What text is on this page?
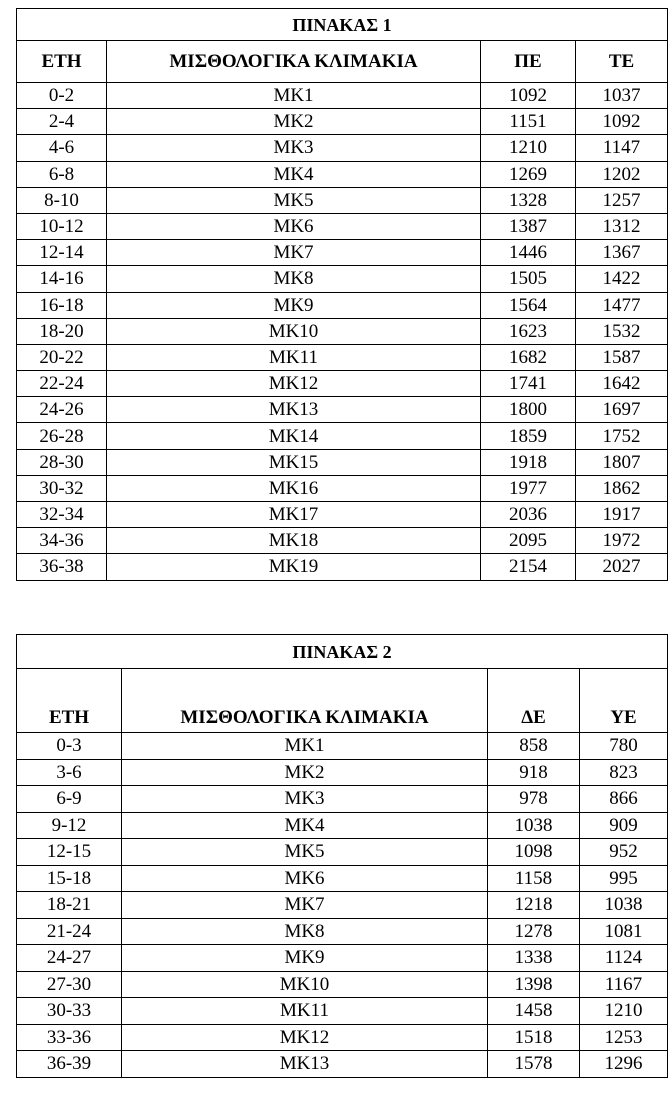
ΠΙΝΑΚΑΣ 1			
ΕΤΗ	ΜΙΣΘΟΛΟΓΙΚΑ ΚΛΙΜΑΚΙΑ	ΠΕ	ΤΕ
0-2	ΜΚ1	1092	1037
2-4	ΜΚ2	1151	1092
4-6	ΜΚ3	1210	1147
6-8	ΜΚ4	1269	1202
8-10	ΜΚ5	1328	1257
10-12	ΜΚ6	1387	1312
12-14	ΜΚ7	1446	1367
14-16	ΜΚ8	1505	1422
16-18	ΜΚ9	1564	1477
18-20	ΜΚ10	1623	1532
20-22	ΜΚ11	1682	1587
22-24	ΜΚ12	1741	1642
24-26	ΜΚ13	1800	1697
26-28	ΜΚ14	1859	1752
28-30	ΜΚ15	1918	1807
30-32	ΜΚ16	1977	1862
32-34	ΜΚ17	2036	1917
34-36	ΜΚ18	2095	1972
36-38	ΜΚ19	2154	2027
ΠΙΝΑΚΑΣ 2			
ΕΤΗ	ΜΙΣΘΟΛΟΓΙΚΑ ΚΛΙΜΑΚΙΑ	ΔΕ	ΥΕ
0-3	ΜΚ1	858	780
3-6	ΜΚ2	918	823
6-9	ΜΚ3	978	866
9-12	ΜΚ4	1038	909
12-15	ΜΚ5	1098	952
15-18	ΜΚ6	1158	995
18-21	ΜΚ7	1218	1038
21-24	ΜΚ8	1278	1081
24-27	ΜΚ9	1338	1124
27-30	ΜΚ10	1398	1167
30-33	ΜΚ11	1458	1210
33-36	ΜΚ12	1518	1253
36-39	ΜΚ13	1578	1296
